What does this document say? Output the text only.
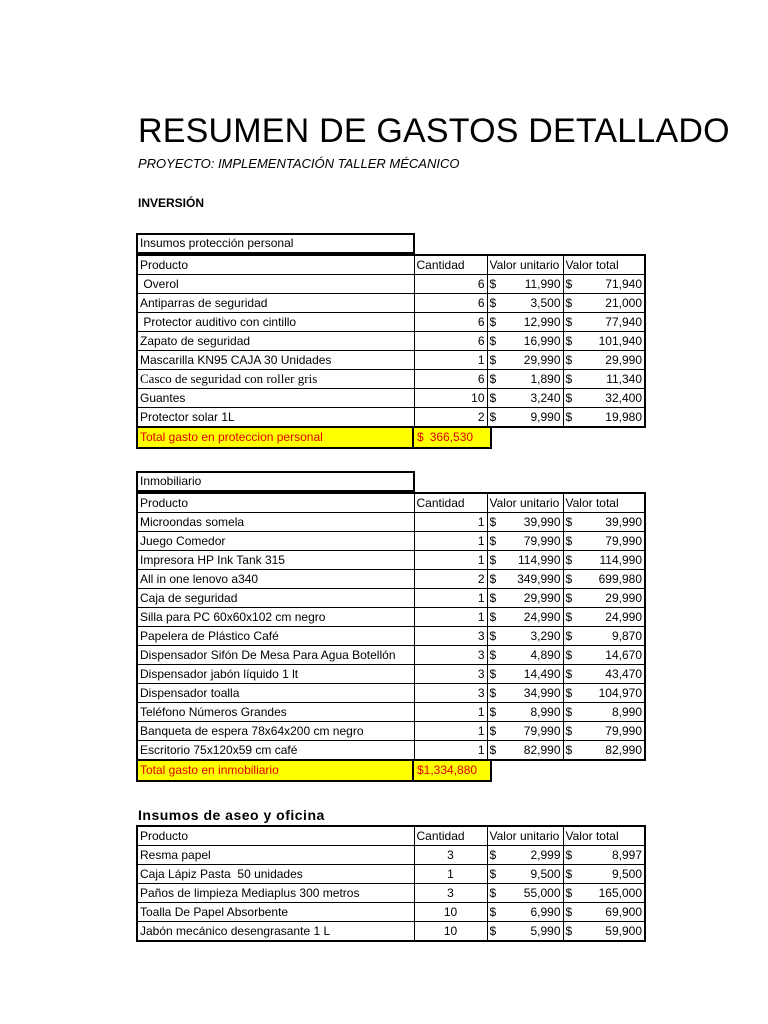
RESUMEN DE GASTOS DETALLADO
PROYECTO: IMPLEMENTACIÓN TALLER MÉCANICO
INVERSIÓN
Insumos protección personal
Producto	Cantidad	Valor unitario	Valor total
Overol	6	$ 11,990	$ 71,940
Antiparras de seguridad	6	$ 3,500	$ 21,000
Protector auditivo con cintillo	6	$ 12,990	$ 77,940
Zapato de seguridad	6	$ 16,990	$ 101,940
Mascarilla KN95 CAJA 30 Unidades	1	$ 29,990	$ 29,990
Casco de seguridad con roller gris	6	$ 1,890	$ 11,340
Guantes	10	$ 3,240	$ 32,400
Protector solar 1L	2	$ 9,990	$ 19,980
Total gasto en proteccion personal	$ 366,530
Inmobiliario
Producto	Cantidad	Valor unitario	Valor total
Microondas somela	1	$ 39,990	$ 39,990
Juego Comedor	1	$ 79,990	$ 79,990
Impresora HP Ink Tank 315	1	$ 114,990	$ 114,990
All in one lenovo a340	2	$ 349,990	$ 699,980
Caja de seguridad	1	$ 29,990	$ 29,990
Silla para PC 60x60x102 cm negro	1	$ 24,990	$ 24,990
Papelera de Plástico Café	3	$ 3,290	$ 9,870
Dispensador Sifón De Mesa Para Agua Botellón	3	$ 4,890	$ 14,670
Dispensador jabón líquido 1 lt	3	$ 14,490	$ 43,470
Dispensador toalla	3	$ 34,990	$ 104,970
Teléfono Números Grandes	1	$ 8,990	$ 8,990
Banqueta de espera 78x64x200 cm negro	1	$ 79,990	$ 79,990
Escritorio 75x120x59 cm café	1	$ 82,990	$ 82,990
Total gasto en inmobiliario	$1,334,880
Insumos de aseo y oficina
Producto	Cantidad	Valor unitario	Valor total
Resma papel	3	$ 2,999	$ 8,997
Caja Lápiz Pasta  50 unidades	1	$ 9,500	$ 9,500
Paños de limpieza Mediaplus 300 metros	3	$ 55,000	$ 165,000
Toalla De Papel Absorbente	10	$ 6,990	$ 69,900
Jabón mecánico desengrasante 1 L	10	$ 5,990	$ 59,900
